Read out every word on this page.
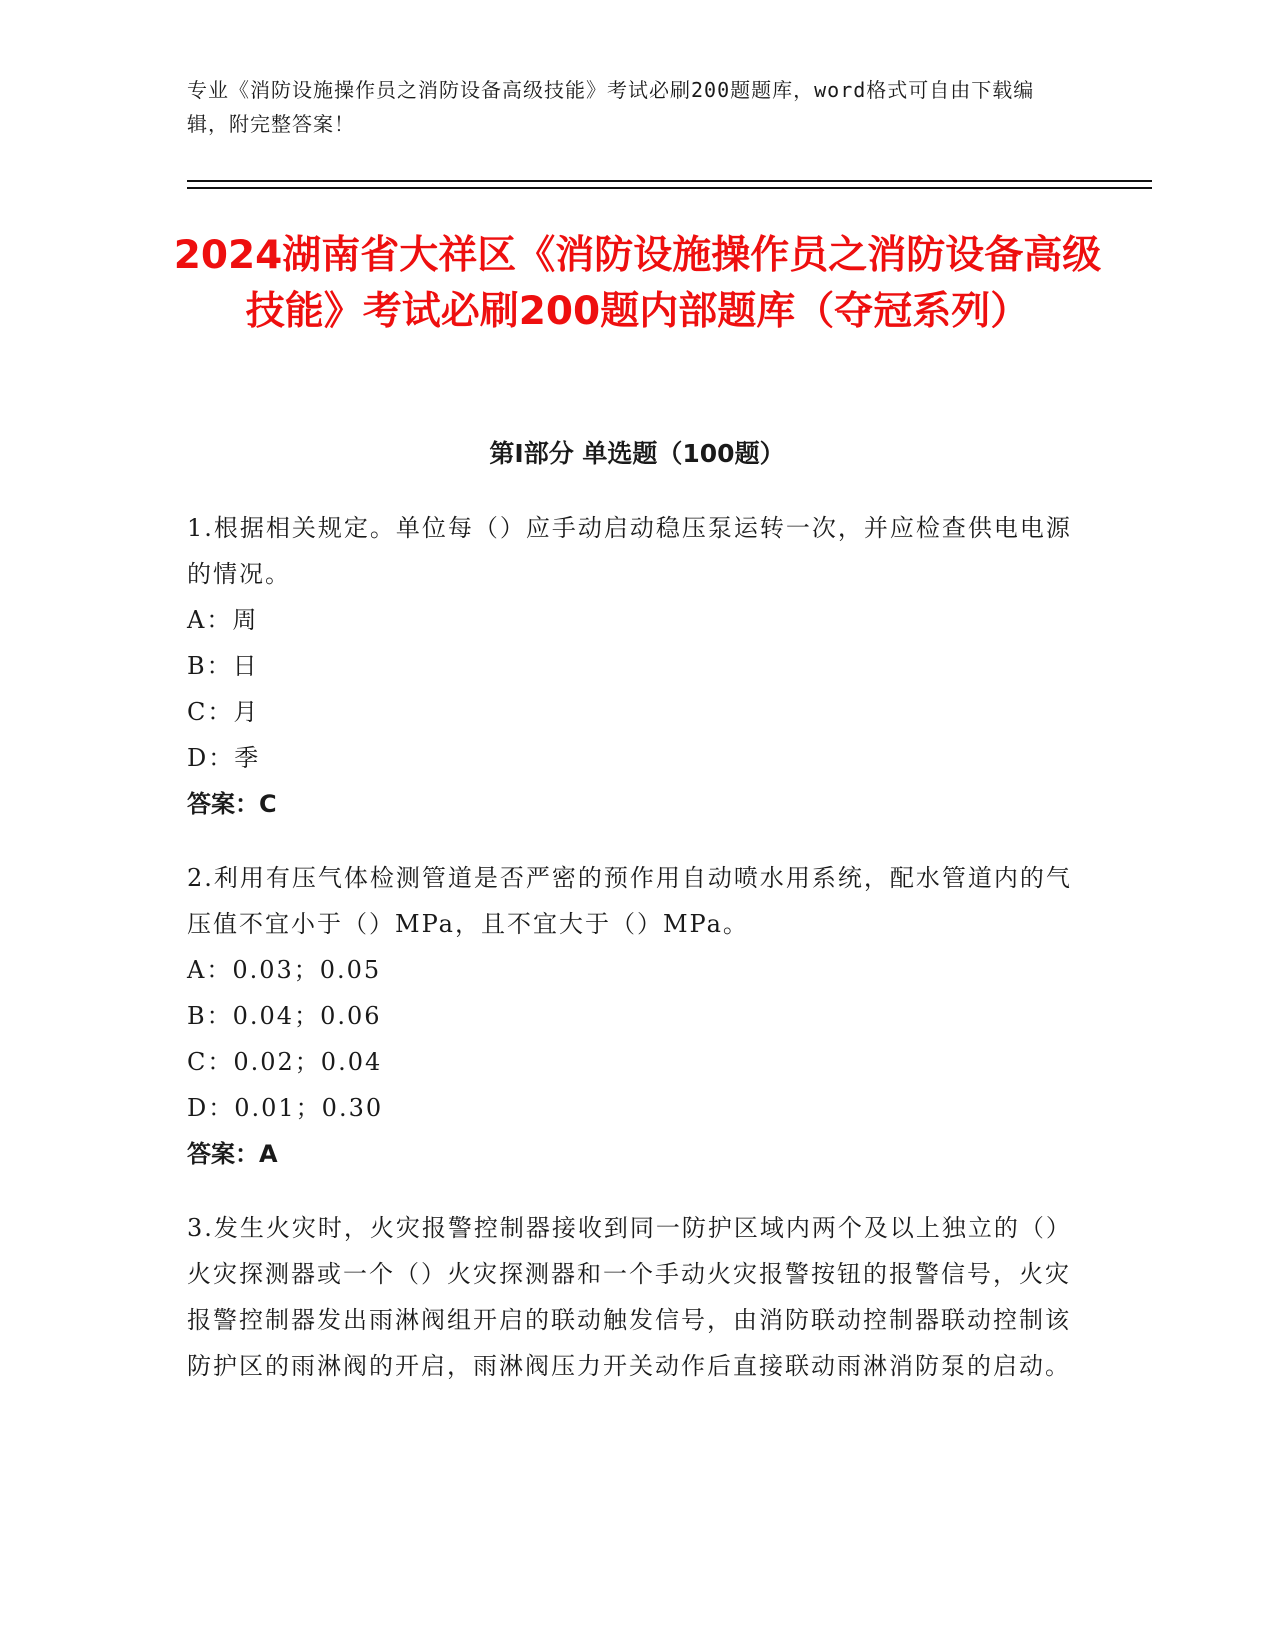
专业《消防设施操作员之消防设备高级技能》考试必刷200题题库，word格式可自由下载编辑，附完整答案！
2024湖南省大祥区《消防设施操作员之消防设备高级技能》考试必刷200题内部题库（夺冠系列）
第Ⅰ部分 单选题（100题）
1.根据相关规定。单位每（）应手动启动稳压泵运转一次，并应检查供电电源的情况。
A：周
B：日
C：月
D：季
答案：C
2.利用有压气体检测管道是否严密的预作用自动喷水用系统，配水管道内的气压值不宜小于（）MPa，且不宜大于（）MPa。
A：0.03；0.05
B：0.04；0.06
C：0.02；0.04
D：0.01；0.30
答案：A
3.发生火灾时，火灾报警控制器接收到同一防护区域内两个及以上独立的（）火灾探测器或一个（）火灾探测器和一个手动火灾报警按钮的报警信号，火灾报警控制器发出雨淋阀组开启的联动触发信号，由消防联动控制器联动控制该防护区的雨淋阀的开启，雨淋阀压力开关动作后直接联动雨淋消防泵的启动。
